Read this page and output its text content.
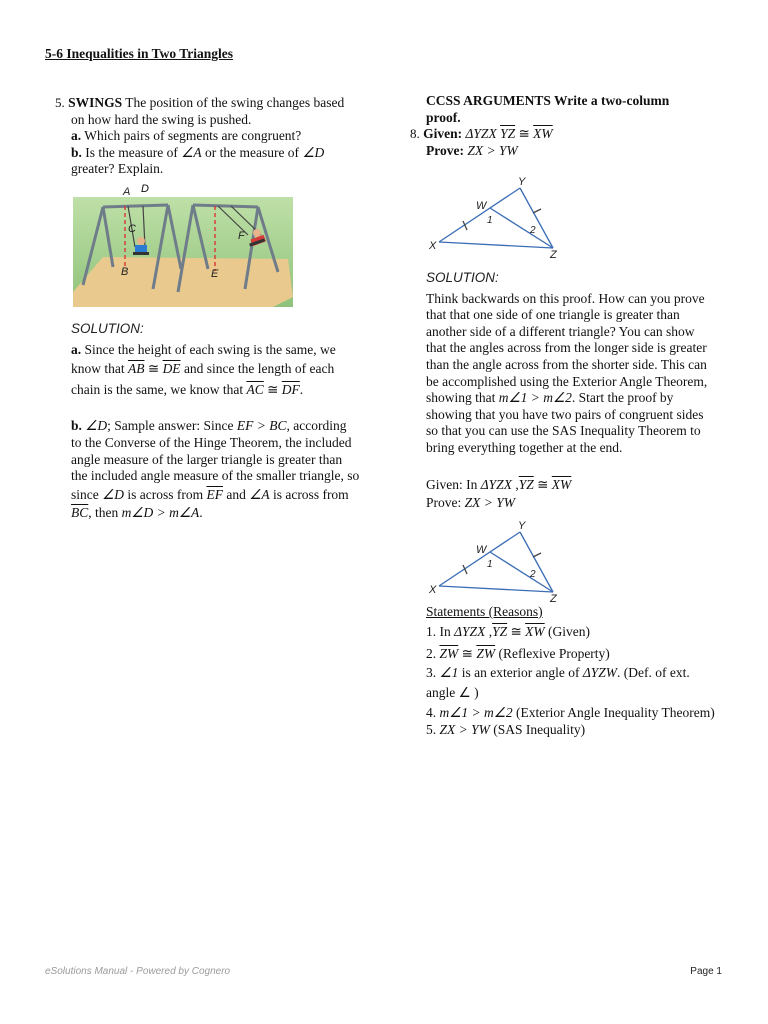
5-6 Inequalities in Two Triangles
5. SWINGS The position of the swing changes based
on how hard the swing is pushed.
a. Which pairs of segments are congruent?
b. Is the measure of ∠A or the measure of ∠D
greater? Explain.
A
C
B	E
F
D
SOLUTION:
a. Since the height of each swing is the same, we
know that $\overline{AB}$ ≅ $\overline{DE}$ and since the length of each
chain is the same, we know that $\overline{AC}$ ≅ $\overline{DF}$.
b. ∠D; Sample answer: Since EF > BC, according
to the Converse of the Hinge Theorem, the included
angle measure of the larger triangle is greater than
the included angle measure of the smaller triangle, so
since ∠D is across from $\overline{EF}$ and ∠A is across from
$\overline{BC}$, then m∠D > m∠A.
CCSS ARGUMENTS Write a two-column
proof.
8. Given: ΔYZX $\overline{YZ}$ ≅ $\overline{XW}$
Prove: ZX > YW
Y
W
1
2
X
Z
SOLUTION:
Think backwards on this proof. How can you prove
that that one side of one triangle is greater than
another side of a different triangle? You can show
that the angles across from the longer side is greater
than the angle across from the shorter side. This can
be accomplished using the Exterior Angle Theorem,
showing that m∠1 > m∠2. Start the proof by
showing that you have two pairs of congruent sides
so that you can use the SAS Inequality Theorem to
bring everything together at the end.
Given: In ΔYZX $,\overline{YZ}$ ≅ $\overline{XW}$
Prove: ZX > YW
Y
W
1
2
X
Z
Statements (Reasons)
1. In ΔYZX $,\overline{YZ}$ ≅ $\overline{XW}$ (Given)
2. $\overline{ZW}$ ≅ $\overline{ZW}$ (Reflexive Property)
3. ∠1 is an exterior angle of ΔYZW. (Def. of ext.
angle ∠ )
4. m∠1 > m∠2 (Exterior Angle Inequality Theorem)
5. ZX > YW (SAS Inequality)
eSolutions Manual - Powered by Cognero	Page 1
